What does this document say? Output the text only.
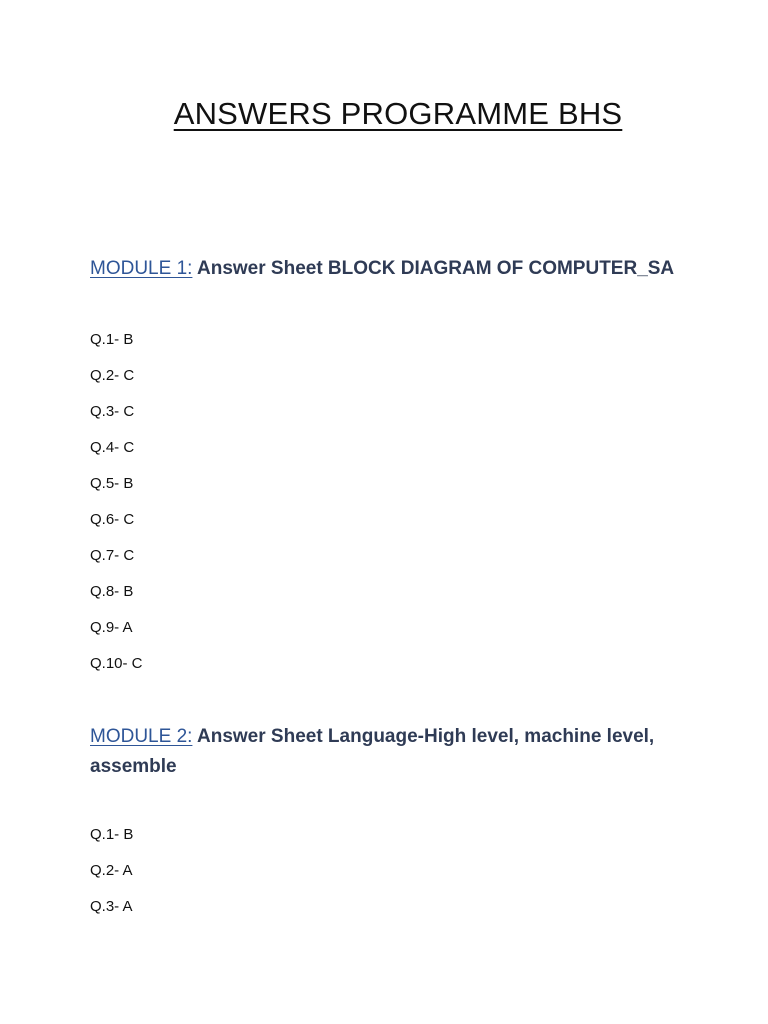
ANSWERS PROGRAMME BHS
MODULE 1: Answer Sheet BLOCK DIAGRAM OF COMPUTER_SA
Q.1- B
Q.2- C
Q.3- C
Q.4- C
Q.5- B
Q.6- C
Q.7- C
Q.8- B
Q.9- A
Q.10- C
MODULE 2: Answer Sheet Language-High level, machine level, assemble
Q.1- B
Q.2- A
Q.3- A
